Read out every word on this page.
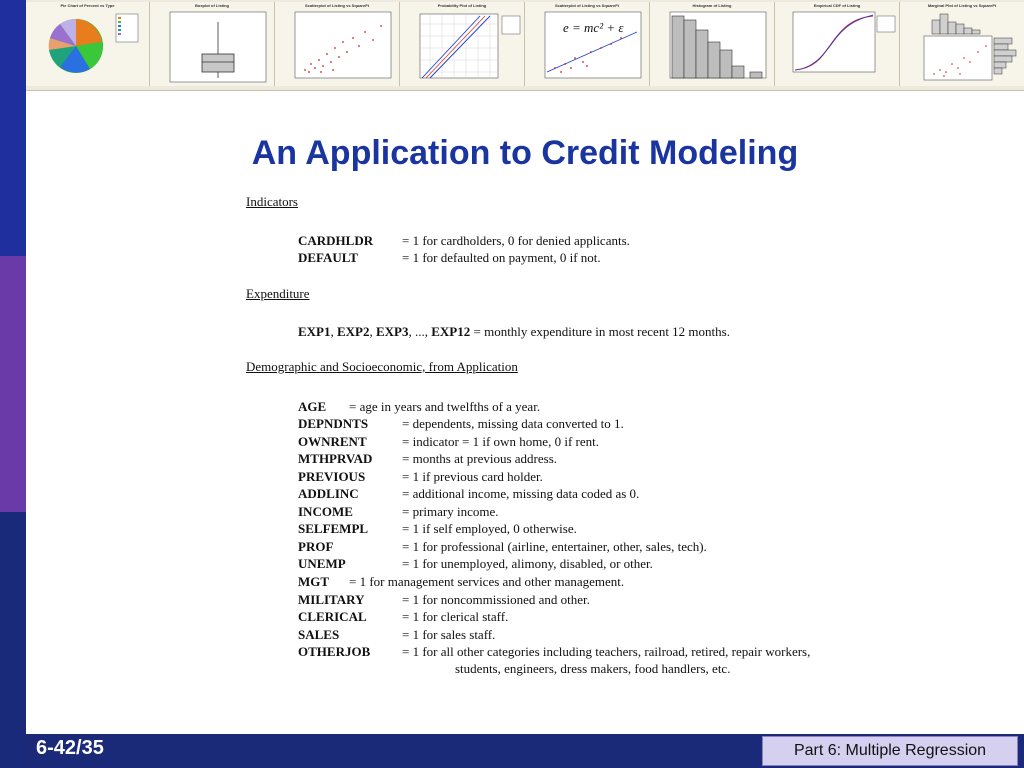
Pie Chart of Percent vs Type	Boxplot of Listing	Scatterplot of Listing vs SquareFt	Probability Plot of Listing	Scatterplot of Listing vs SquareFt
e = mc² + ε
Histogram of Listing	Empirical CDF of Listing	Marginal Plot of Listing vs SquareFt
An Application to Credit Modeling
Indicators
CARDHLDR = 1 for cardholders, 0 for denied applicants.
DEFAULT	= 1 for defaulted on payment, 0 if not.
Expenditure
EXP1, EXP2, EXP3, ..., EXP12 = monthly expenditure in most recent 12 months.
Demographic and Socioeconomic, from Application
AGE = age in years and twelfths of a year.
DEPNDNTS	= dependents, missing data converted to 1.
OWNRENT	= indicator = 1 if own home, 0 if rent.
MTHPRVAD = months at previous address.
PREVIOUS	= 1 if previous card holder.
ADDLINC	= additional income, missing data coded as 0.
INCOME	= primary income.
SELFEMPL	= 1 if self employed, 0 otherwise.
PROF	= 1 for professional (airline, entertainer, other, sales, tech).
UNEMP	= 1 for unemployed, alimony, disabled, or other.
MGT = 1 for management services and other management.
MILITARY	= 1 for noncommissioned and other.
CLERICAL	= 1 for clerical staff.
SALES	= 1 for sales staff.
OTHERJOB = 1 for all other categories including teachers, railroad, retired, repair workers,
students, engineers, dress makers, food handlers, etc.
6-42/35	Part 6: Multiple Regression
